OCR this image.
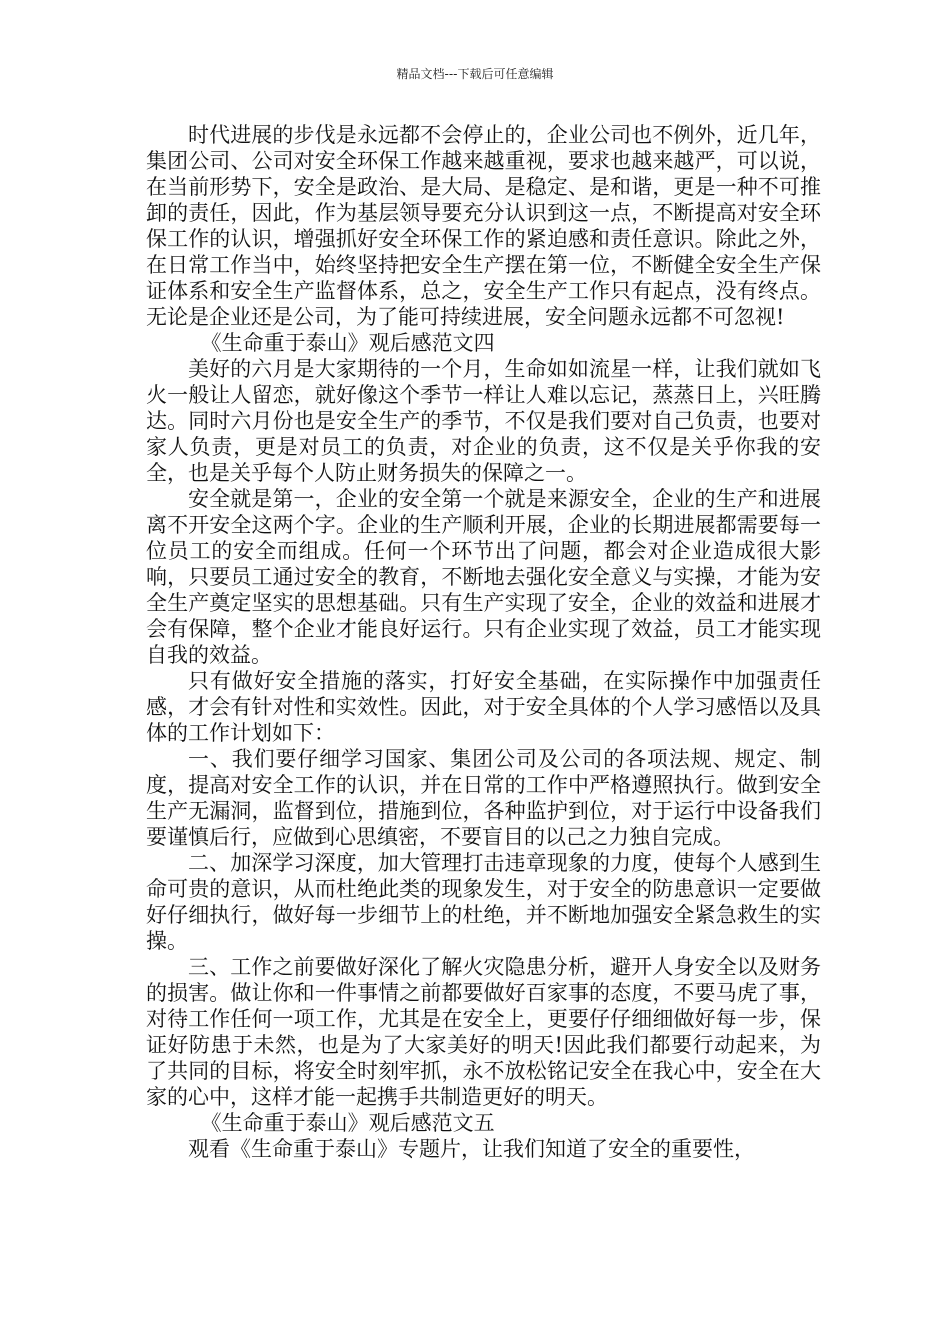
精品文档---下载后可任意编辑

时代进展的步伐是永远都不会停止的，企业公司也不例外，近几年，集团公司、公司对安全环保工作越来越重视，要求也越来越严，可以说，在当前形势下，安全是政治、是大局、是稳定、是和谐，更是一种不可推卸的责任，因此，作为基层领导要充分认识到这一点，不断提高对安全环保工作的认识，增强抓好安全环保工作的紧迫感和责任意识。除此之外，在日常工作当中，始终坚持把安全生产摆在第一位，不断健全安全生产保证体系和安全生产监督体系，总之，安全生产工作只有起点，没有终点。无论是企业还是公司，为了能可持续进展，安全问题永远都不可忽视!

《生命重于泰山》观后感范文四

美好的六月是大家期待的一个月，生命如如流星一样，让我们就如飞火一般让人留恋，就好像这个季节一样让人难以忘记，蒸蒸日上，兴旺腾达。同时六月份也是安全生产的季节，不仅是我们要对自己负责，也要对家人负责，更是对员工的负责，对企业的负责，这不仅是关乎你我的安全，也是关乎每个人防止财务损失的保障之一。

安全就是第一，企业的安全第一个就是来源安全，企业的生产和进展离不开安全这两个字。企业的生产顺利开展，企业的长期进展都需要每一位员工的安全而组成。任何一个环节出了问题，都会对企业造成很大影响，只要员工通过安全的教育，不断地去强化安全意义与实操，才能为安全生产奠定坚实的思想基础。只有生产实现了安全，企业的效益和进展才会有保障，整个企业才能良好运行。只有企业实现了效益，员工才能实现自我的效益。

只有做好安全措施的落实，打好安全基础，在实际操作中加强责任感，才会有针对性和实效性。因此，对于安全具体的个人学习感悟以及具体的工作计划如下：

一、我们要仔细学习国家、集团公司及公司的各项法规、规定、制度，提高对安全工作的认识，并在日常的工作中严格遵照执行。做到安全生产无漏洞，监督到位，措施到位，各种监护到位，对于运行中设备我们要谨慎后行，应做到心思缜密，不要盲目的以己之力独自完成。

二、加深学习深度，加大管理打击违章现象的力度，使每个人感到生命可贵的意识，从而杜绝此类的现象发生，对于安全的防患意识一定要做好仔细执行，做好每一步细节上的杜绝，并不断地加强安全紧急救生的实操。

三、工作之前要做好深化了解火灾隐患分析，避开人身安全以及财务的损害。做让你和一件事情之前都要做好百家事的态度，不要马虎了事，对待工作任何一项工作，尤其是在安全上，更要仔仔细细做好每一步，保证好防患于未然，也是为了大家美好的明天!因此我们都要行动起来，为了共同的目标，将安全时刻牢抓，永不放松铭记安全在我心中，安全在大家的心中，这样才能一起携手共制造更好的明天。

《生命重于泰山》观后感范文五

观看《生命重于泰山》专题片，让我们知道了安全的重要性，
